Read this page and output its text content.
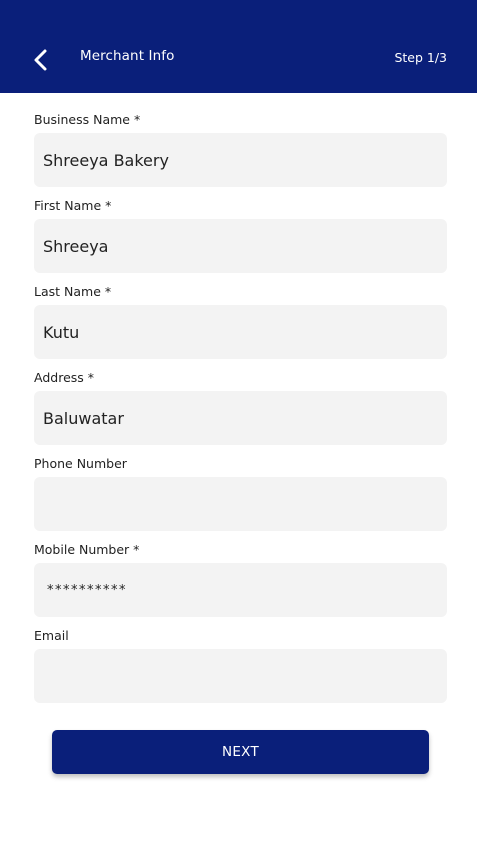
Merchant Info	Step 1/3
Business Name *
Shreeya Bakery
First Name *
Shreeya
Last Name *
Kutu
Address *
Baluwatar
Phone Number
Mobile Number *
**********
Email
NEXT
